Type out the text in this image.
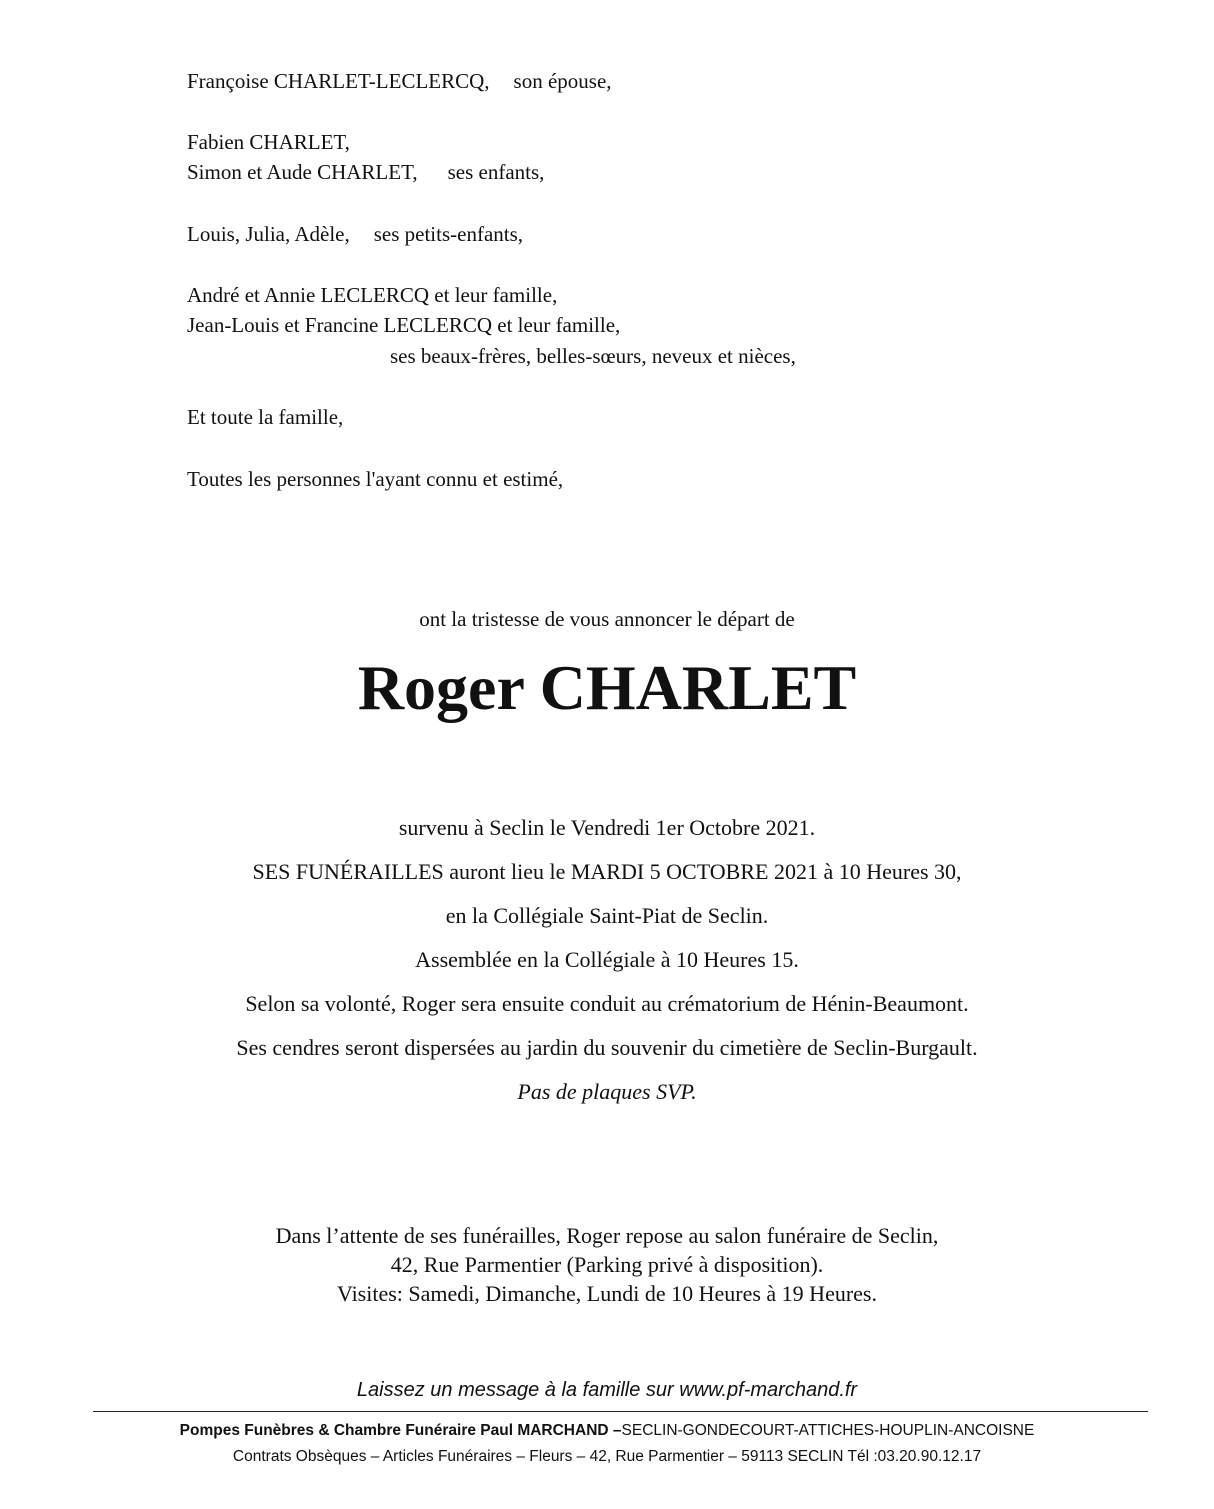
Françoise CHARLET-LECLERCQ, son épouse,
Fabien CHARLET,
Simon et Aude CHARLET, ses enfants,
Louis, Julia, Adèle, ses petits-enfants,
André et Annie LECLERCQ et leur famille,
Jean-Louis et Francine LECLERCQ et leur famille,
ses beaux-frères, belles-sœurs, neveux et nièces,
Et toute la famille,
Toutes les personnes l'ayant connu et estimé,
ont la tristesse de vous annoncer le départ de
Roger CHARLET
survenu à Seclin le Vendredi 1er Octobre 2021.
SES FUNÉRAILLES auront lieu le MARDI 5 OCTOBRE 2021 à 10 Heures 30,
en la Collégiale Saint-Piat de Seclin.
Assemblée en la Collégiale à 10 Heures 15.
Selon sa volonté, Roger sera ensuite conduit au crématorium de Hénin-Beaumont.
Ses cendres seront dispersées au jardin du souvenir du cimetière de Seclin-Burgault.
Pas de plaques SVP.
Dans l’attente de ses funérailles, Roger repose au salon funéraire de Seclin,
42, Rue Parmentier (Parking privé à disposition).
Visites: Samedi, Dimanche, Lundi de 10 Heures à 19 Heures.
Laissez un message à la famille sur www.pf-marchand.fr
Pompes Funèbres & Chambre Funéraire Paul MARCHAND –SECLIN-GONDECOURT-ATTICHES-HOUPLIN-ANCOISNE
Contrats Obsèques – Articles Funéraires – Fleurs – 42, Rue Parmentier – 59113 SECLIN Tél :03.20.90.12.17
